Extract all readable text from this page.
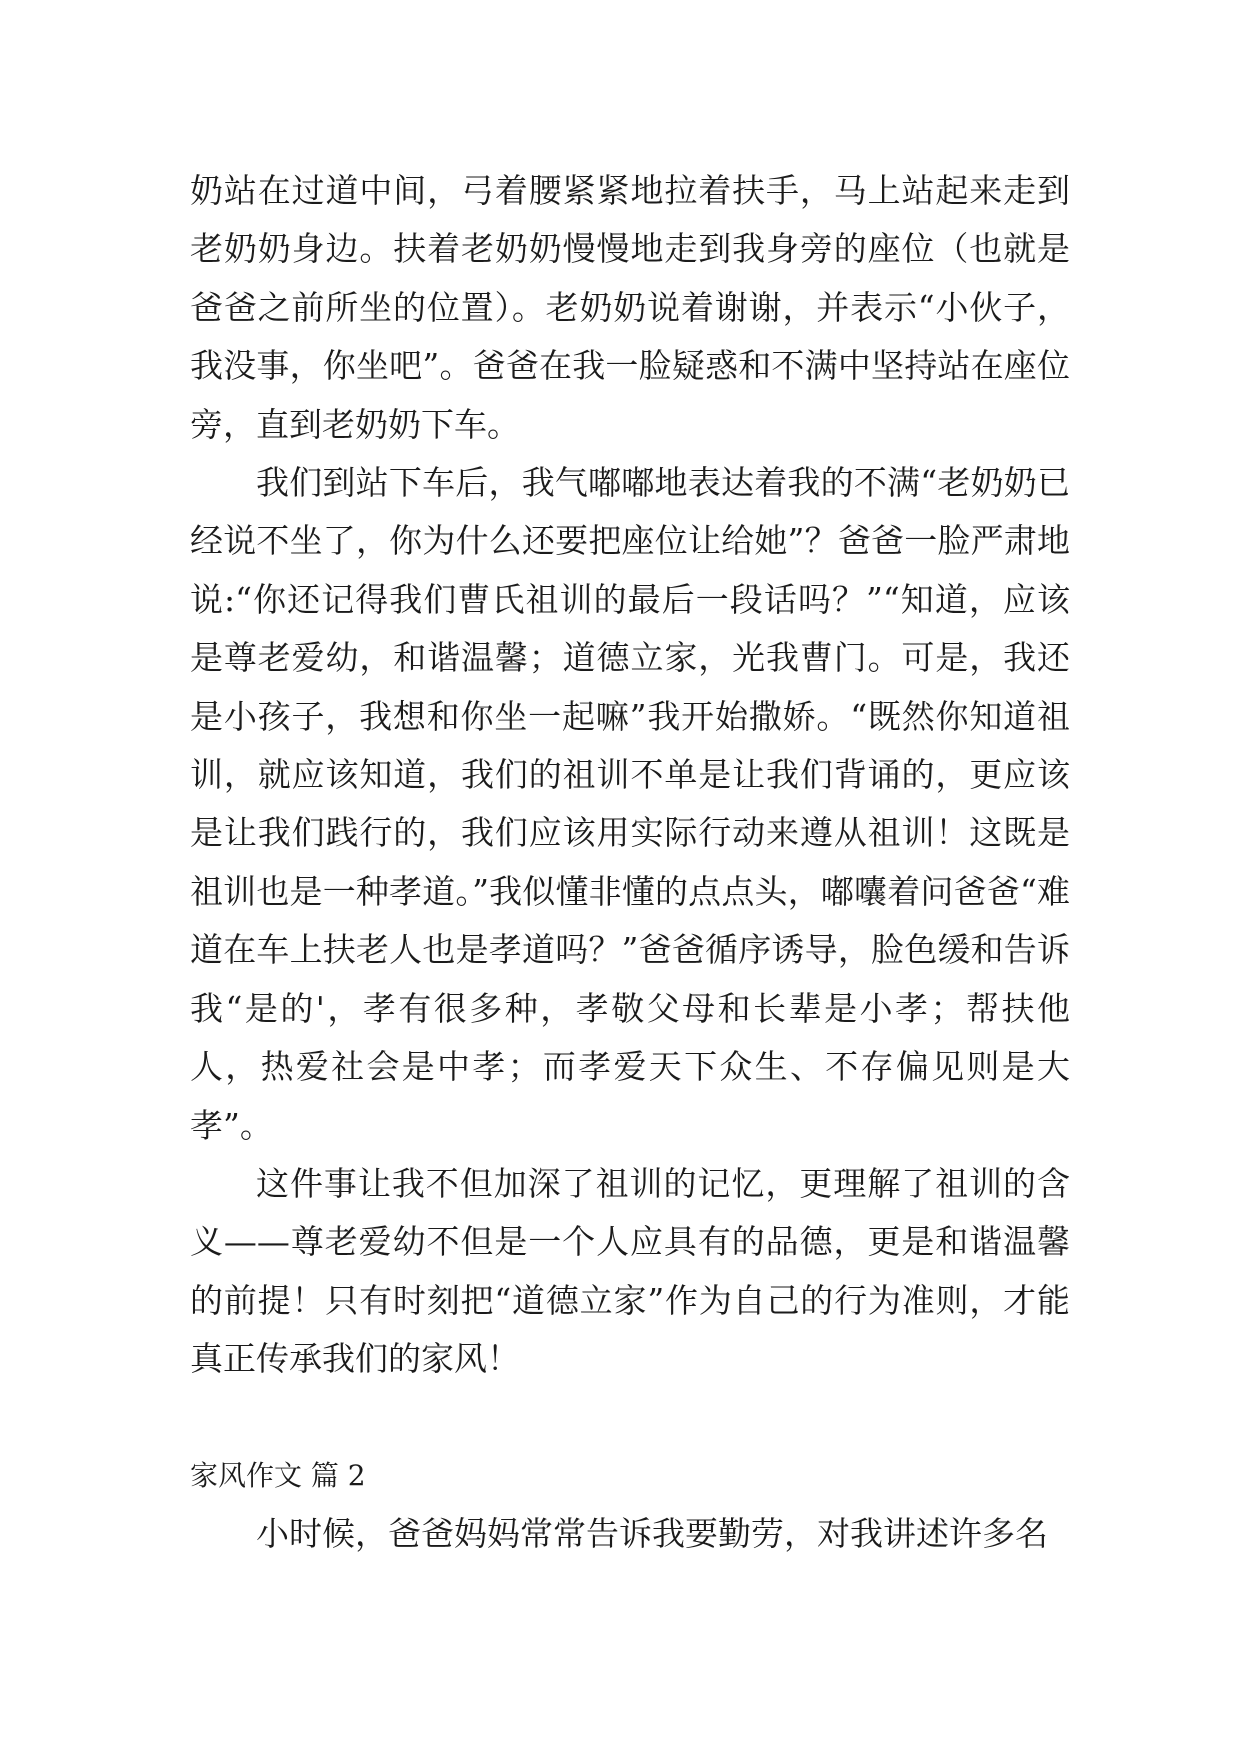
奶站在过道中间，弓着腰紧紧地拉着扶手，马上站起来走到老奶奶身边。扶着老奶奶慢慢地走到我身旁的座位（也就是爸爸之前所坐的位置）。老奶奶说着谢谢，并表示“小伙子，我没事，你坐吧”。爸爸在我一脸疑惑和不满中坚持站在座位旁，直到老奶奶下车。

我们到站下车后，我气嘟嘟地表达着我的不满“老奶奶已经说不坐了，你为什么还要把座位让给她”？爸爸一脸严肃地说:“你还记得我们曹氏祖训的最后一段话吗？”“知道，应该是尊老爱幼，和谐温馨；道德立家，光我曹门。可是，我还是小孩子，我想和你坐一起嘛”我开始撒娇。“既然你知道祖训，就应该知道，我们的祖训不单是让我们背诵的，更应该是让我们践行的，我们应该用实际行动来遵从祖训！这既是祖训也是一种孝道。”我似懂非懂的点点头，嘟囔着问爸爸“难道在车上扶老人也是孝道吗？”爸爸循序诱导，脸色缓和告诉我“是的'，孝有很多种，孝敬父母和长辈是小孝；帮扶他人，热爱社会是中孝；而孝爱天下众生、不存偏见则是大孝”。

这件事让我不但加深了祖训的记忆，更理解了祖训的含义——尊老爱幼不但是一个人应具有的品德，更是和谐温馨的前提！只有时刻把“道德立家”作为自己的行为准则，才能真正传承我们的家风！

家风作文 篇 2

小时候，爸爸妈妈常常告诉我要勤劳，对我讲述许多名
